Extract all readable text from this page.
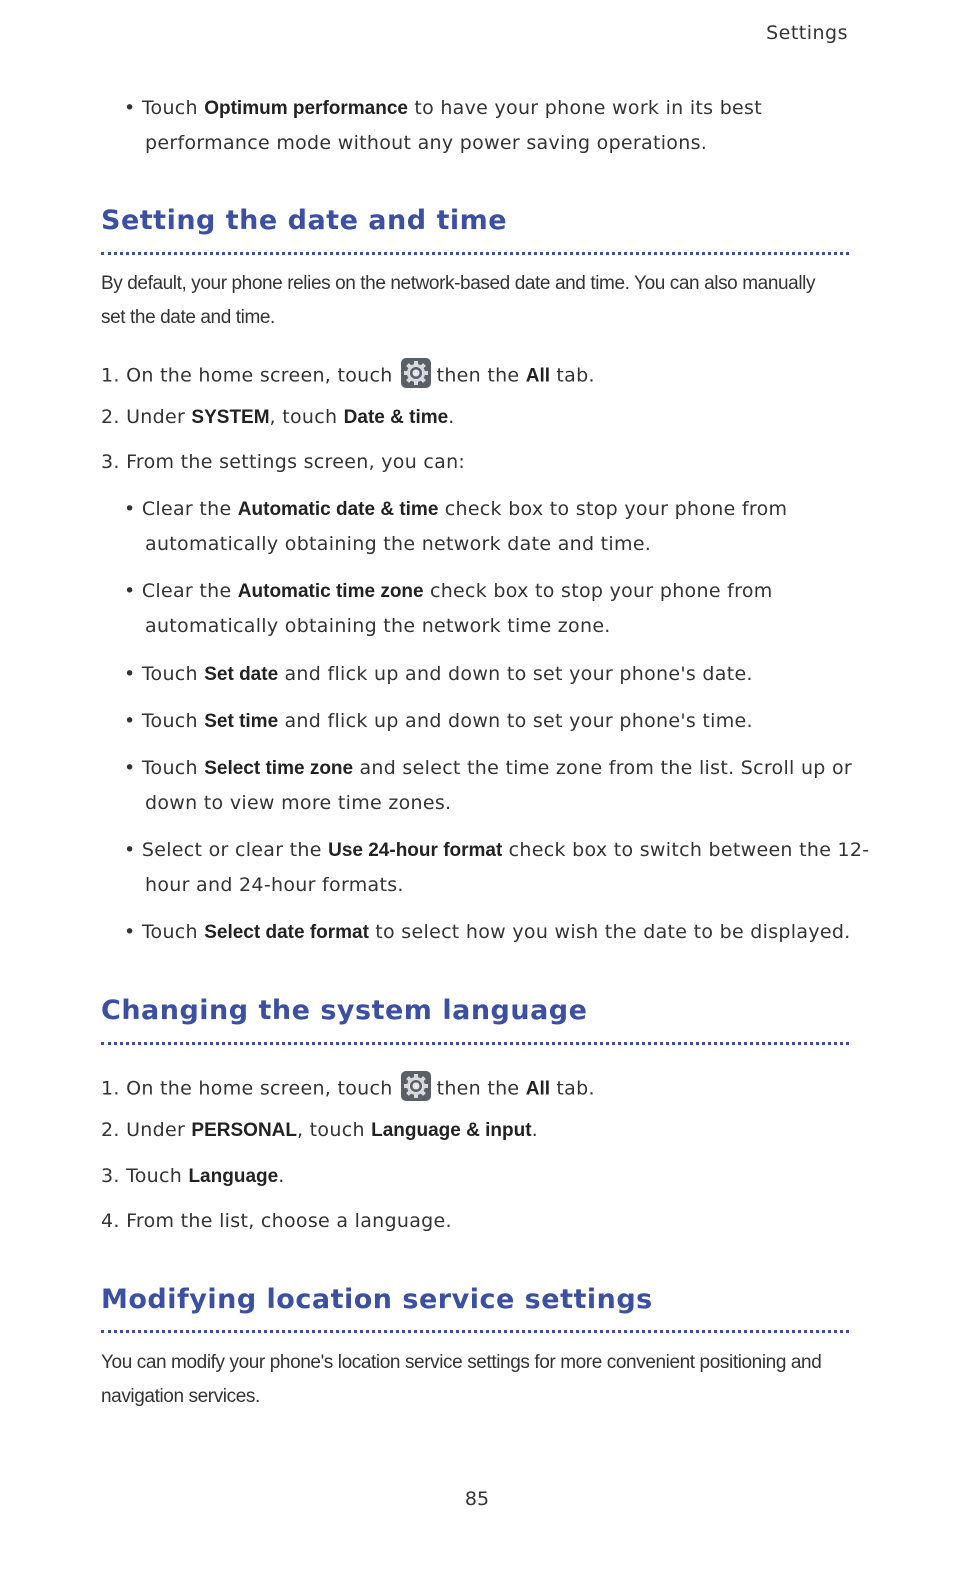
Settings
• Touch Optimum performance to have your phone work in its best
performance mode without any power saving operations.
Setting the date and time
By default, your phone relies on the network-based date and time. You can also manually
set the date and time.
1. On the home screen, touch then the All tab.
2. Under SYSTEM, touch Date & time.
3. From the settings screen, you can:
• Clear the Automatic date & time check box to stop your phone from
automatically obtaining the network date and time.
• Clear the Automatic time zone check box to stop your phone from
automatically obtaining the network time zone.
• Touch Set date and flick up and down to set your phone's date.
• Touch Set time and flick up and down to set your phone's time.
• Touch Select time zone and select the time zone from the list. Scroll up or
down to view more time zones.
• Select or clear the Use 24-hour format check box to switch between the 12-
hour and 24-hour formats.
• Touch Select date format to select how you wish the date to be displayed.
Changing the system language
1. On the home screen, touch then the All tab.
2. Under PERSONAL, touch Language & input.
3. Touch Language.
4. From the list, choose a language.
Modifying location service settings
You can modify your phone's location service settings for more convenient positioning and
navigation services.
85
